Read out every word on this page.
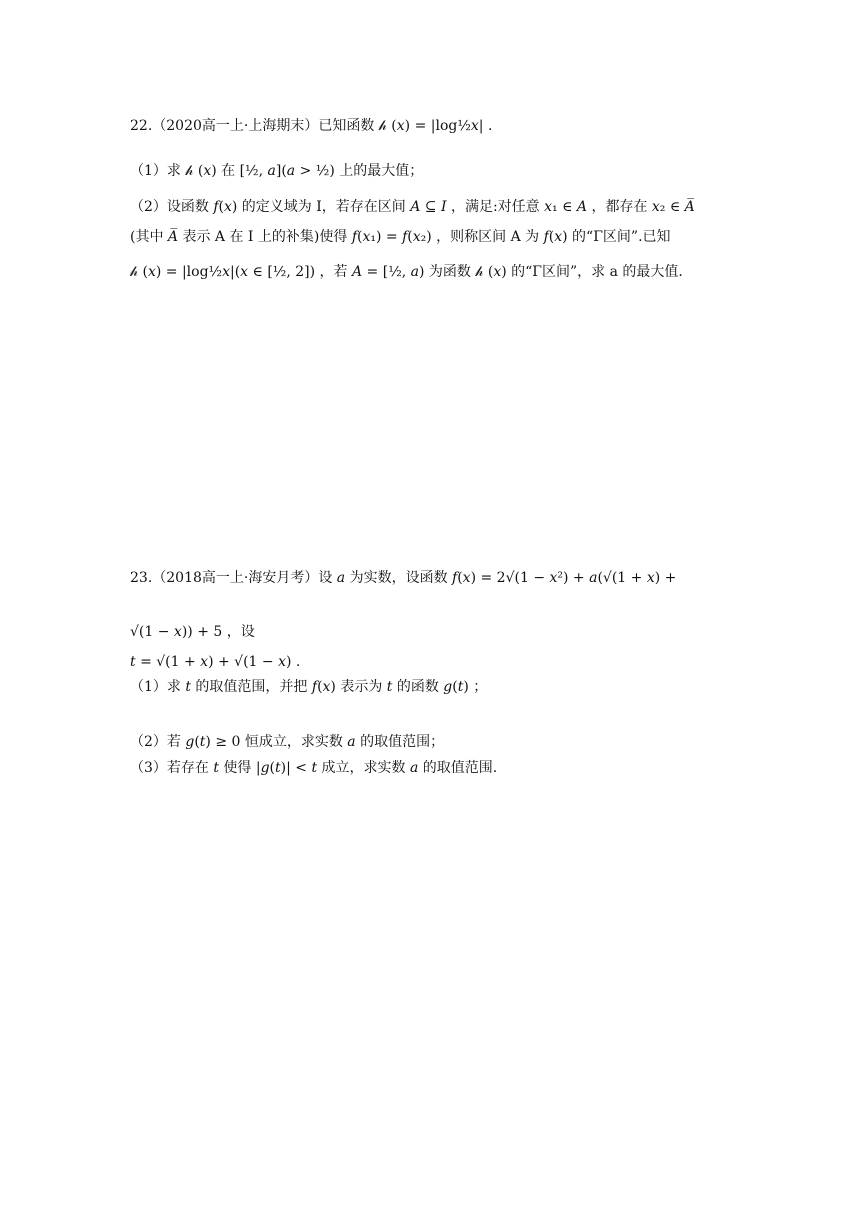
22.（2020高一上·上海期末）已知函数 𝒽 (𝑥) = |log½𝑥| .
（1）求 𝒽 (𝑥) 在 [½, 𝑎](𝑎 > ½) 上的最大值；
（2）设函数 𝑓(𝑥) 的定义域为 I，若存在区间 𝐴 ⊆ 𝐼 ，满足:对任意 𝑥₁ ∈ 𝐴 ，都存在 𝑥₂ ∈ 𝐴̅
(其中 𝐴̅ 表示 A 在 I 上的补集)使得 𝑓(𝑥₁) = 𝑓(𝑥₂) ，则称区间 A 为 𝑓(𝑥) 的“Γ区间”.已知
𝒽 (𝑥) = |log½𝑥|(𝑥 ∈ [½, 2]) ，若 𝐴 = [½, 𝑎) 为函数 𝒽 (𝑥) 的“Γ区间”，求 a 的最大值.
23.（2018高一上·海安月考）设 𝑎 为实数，设函数 𝑓(𝑥) = 2√(1 − 𝑥²) + 𝑎(√(1 + 𝑥) +
√(1 − 𝑥)) + 5 ，设
𝑡 = √(1 + 𝑥) + √(1 − 𝑥) .
（1）求 𝑡 的取值范围，并把 𝑓(𝑥) 表示为 𝑡 的函数 𝑔(𝑡) ；
（2）若 𝑔(𝑡) ≥ 0 恒成立，求实数 𝑎 的取值范围；
（3）若存在 𝑡 使得 |𝑔(𝑡)| < 𝑡 成立，求实数 𝑎 的取值范围.
